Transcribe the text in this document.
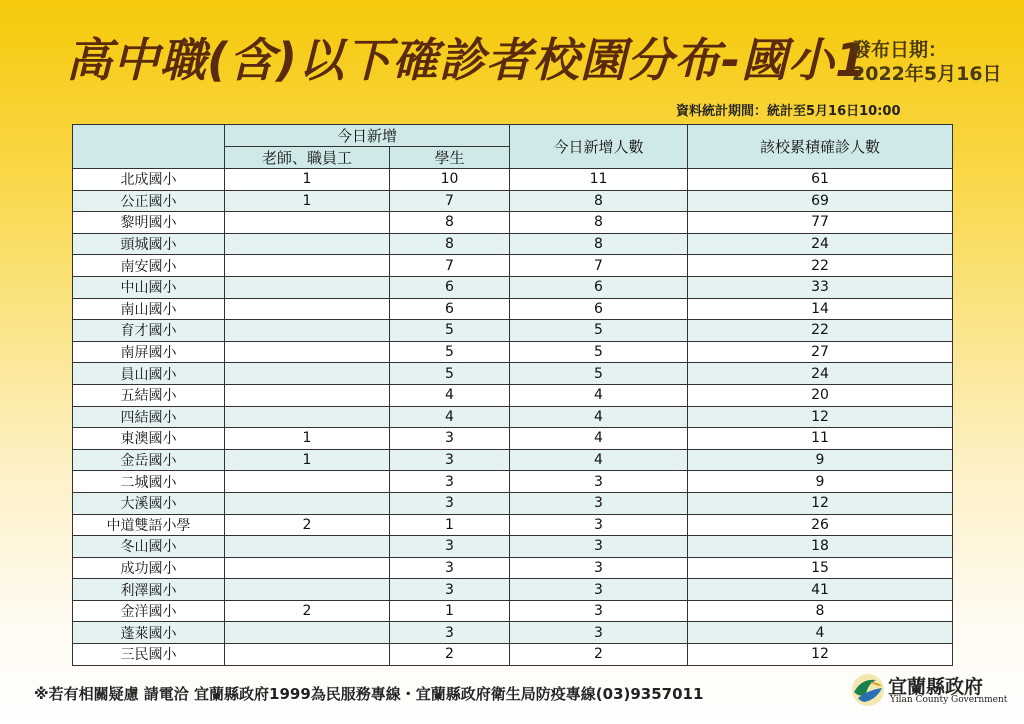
高中職(含)以下確診者校園分布-國小1
發布日期：
2022年5月16日
資料統計期間：統計至5月16日10:00
	今日新增		今日新增人數	該校累積確診人數
	老師、職員工	學生		
北成國小	1	10	11	61
公正國小	1	7	8	69
黎明國小		8	8	77
頭城國小		8	8	24
南安國小		7	7	22
中山國小		6	6	33
南山國小		6	6	14
育才國小		5	5	22
南屏國小		5	5	27
員山國小		5	5	24
五結國小		4	4	20
四結國小		4	4	12
東澳國小	1	3	4	11
金岳國小	1	3	4	9
二城國小		3	3	9
大溪國小		3	3	12
中道雙語小學	2	1	3	26
冬山國小		3	3	18
成功國小		3	3	15
利澤國小		3	3	41
金洋國小	2	1	3	8
蓬萊國小		3	3	4
三民國小		2	2	12
※若有相關疑慮 請電洽 宜蘭縣政府1999為民服務專線・宜蘭縣政府衛生局防疫專線(03)9357011	宜蘭縣政府
Yilan County Government
